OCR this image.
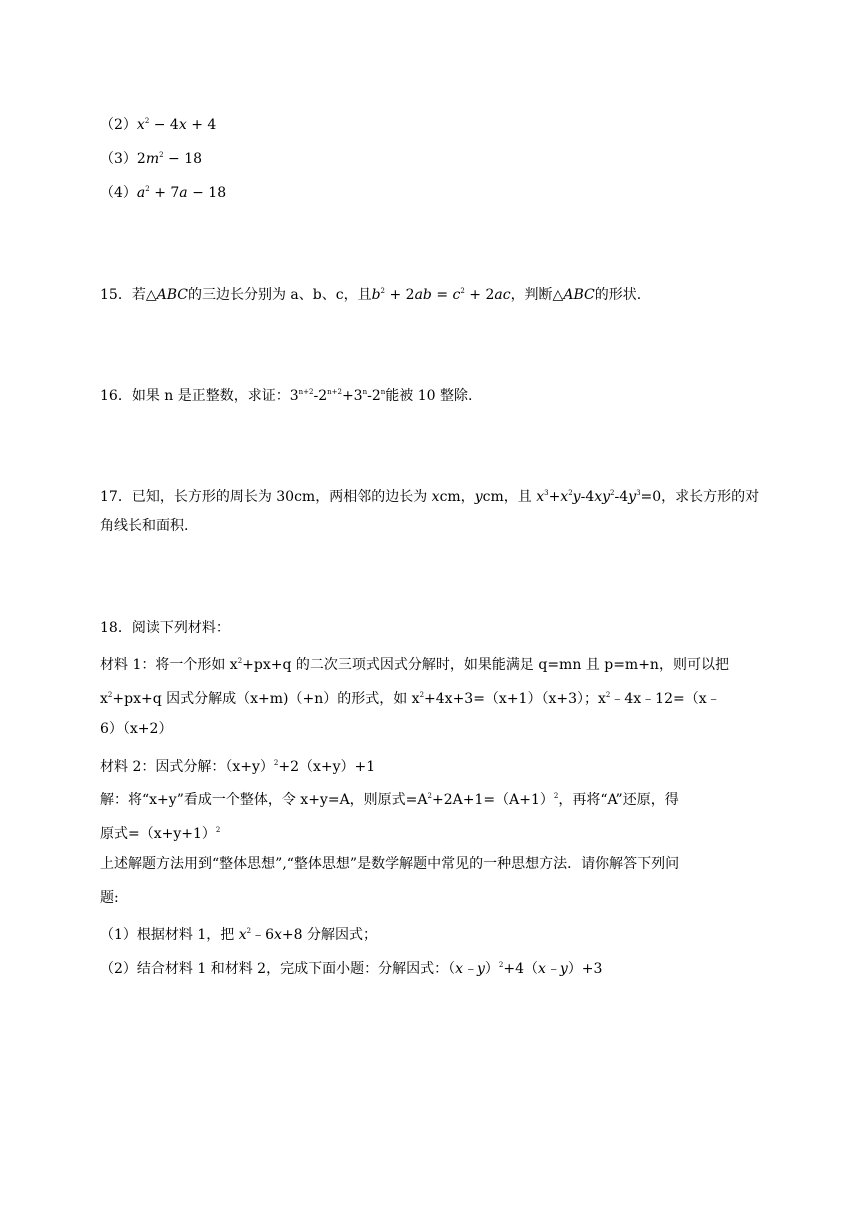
$(2)x^2 - 4x + 4$
$(3)2m^2 - 18$
$(4)a^2 + 7a - 18$
15．若△ABC的三边长分别为 a、b、c，且$b^2 + 2ab = c^2 + 2ac$，判断△ABC的形状.
16．如果 n 是正整数，求证：$3^{n+2}-2^{n+2}+3^n-2^n$能被 10 整除.
17．已知，长方形的周长为 30cm，两相邻的边长为 xcm，ycm，且 $x^3+x^2y-4xy^2-4y^3=0$，求长方形的对
角线长和面积.
18．阅读下列材料：
材料 1：将一个形如 $x^2+px+q$ 的二次三项式因式分解时，如果能满足 q=mn 且 p=m+n，则可以把
$x^2+px+q$ 因式分解成（x+m)（+n）的形式，如 $x^2+4x+3=(x+1)(x+3)$；$x^2﹣4x﹣12=(x﹣$
6）（x+2）
材料 2：因式分解：$(x+y)^2+2(x+y)+1$
解：将“x+y”看成一个整体，令 x+y=A，则原式$=A^2+2A+1=(A+1)^2$，再将“A”还原，得
原式$=(x+y+1)^2$
上述解题方法用到“整体思想”,“整体思想”是数学解题中常见的一种思想方法．请你解答下列问
题:
（1）根据材料 1，把 $x^2﹣6x+8$ 分解因式；
（2）结合材料 1 和材料 2，完成下面小题：分解因式：（x﹣y）$^2$+4（x﹣y）+3
